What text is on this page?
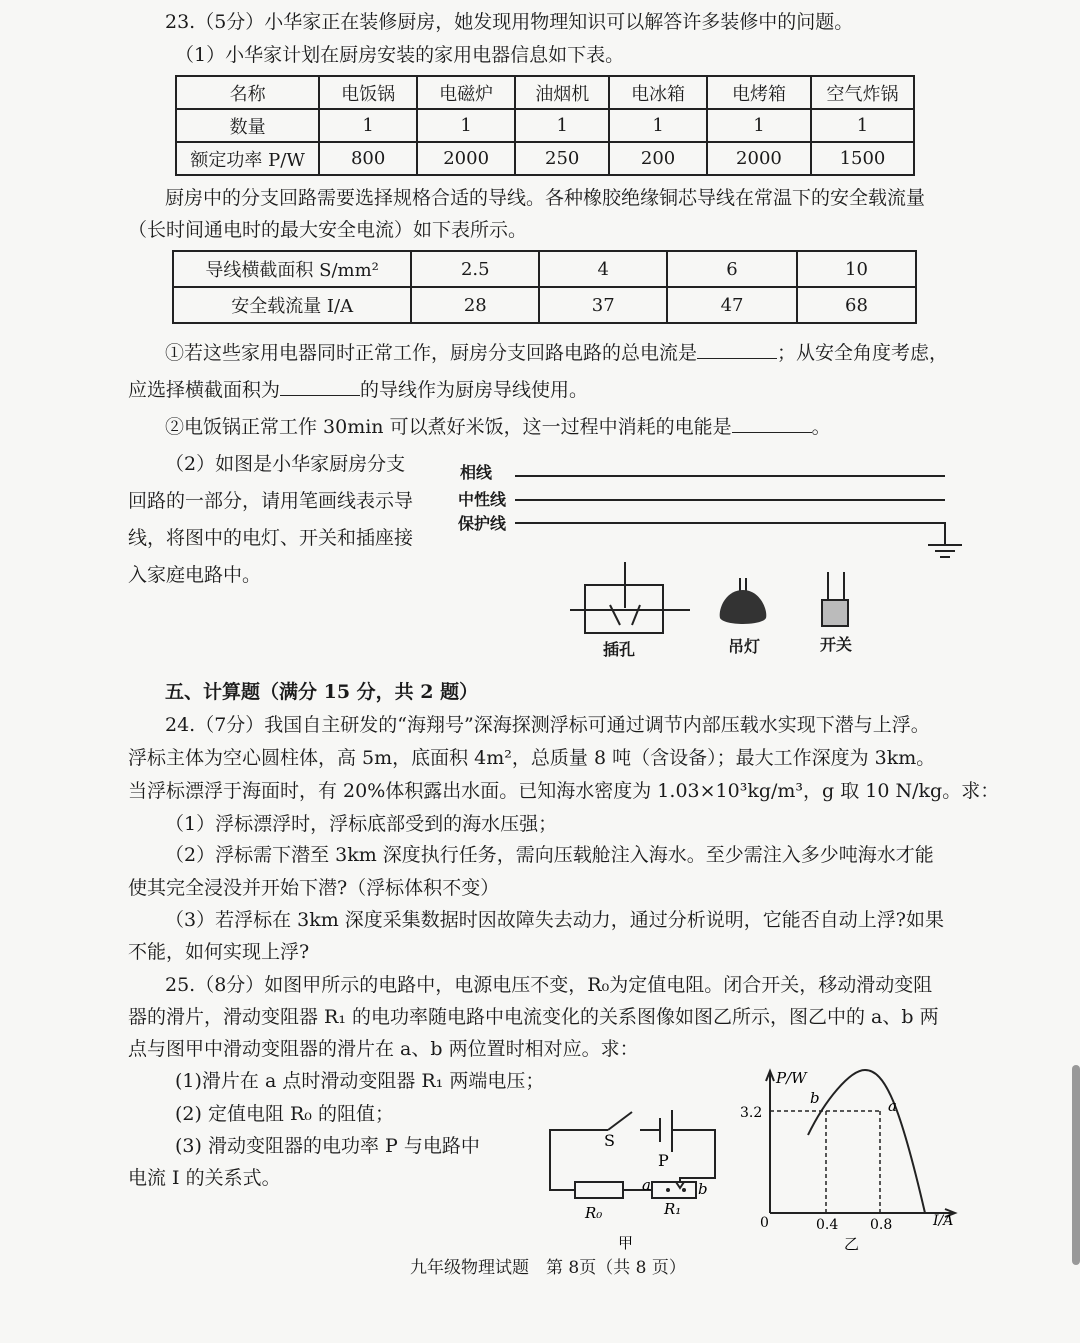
23.（5分）小华家正在装修厨房，她发现用物理知识可以解答许多装修中的问题。
（1）小华家计划在厨房安装的家用电器信息如下表。
名称	电饭锅	电磁炉	油烟机	电冰箱	电烤箱	空气炸锅
数量	1	1	1	1	1	1
额定功率 P/W	800	2000	250	200	2000	1500
厨房中的分支回路需要选择规格合适的导线。各种橡胶绝缘铜芯导线在常温下的安全载流量
（长时间通电时的最大安全电流）如下表所示。
导线横截面积 S/mm²	2.5	4	6	10
安全载流量 I/A	28	37	47	68
①若这些家用电器同时正常工作，厨房分支回路电路的总电流是	；从安全角度考虑，
应选择横截面积为	的导线作为厨房导线使用。
②电饭锅正常工作 30min 可以煮好米饭，这一过程中消耗的电能是	。
（2）如图是小华家厨房分支
回路的一部分，请用笔画线表示导
线，将图中的电灯、开关和插座接
入家庭电路中。
相线
中性线
保护线
插孔	吊灯	开关
五、计算题（满分 15 分，共 2 题）
24.（7分）我国自主研发的“海翔号”深海探测浮标可通过调节内部压载水实现下潜与上浮。
浮标主体为空心圆柱体，高 5m，底面积 4m²，总质量 8 吨（含设备）；最大工作深度为 3km。
当浮标漂浮于海面时，有 20%体积露出水面。已知海水密度为 1.03×10³kg/m³，g 取 10 N/kg。求：
（1）浮标漂浮时，浮标底部受到的海水压强；
（2）浮标需下潜至 3km 深度执行任务，需向压载舱注入海水。至少需注入多少吨海水才能
使其完全浸没并开始下潜?（浮标体积不变）
（3）若浮标在 3km 深度采集数据时因故障失去动力，通过分析说明，它能否自动上浮?如果
不能，如何实现上浮?
25.（8分）如图甲所示的电路中，电源电压不变，R₀为定值电阻。闭合开关，移动滑动变阻
器的滑片，滑动变阻器 R₁ 的电功率随电路中电流变化的关系图像如图乙所示，图乙中的 a、b 两
点与图甲中滑动变阻器的滑片在 a、b 两位置时相对应。求：
(1)滑片在 a 点时滑动变阻器 R₁ 两端电压；
(2) 定值电阻 R₀ 的阻值；
(3) 滑动变阻器的电功率 P 与电路中
电流 I 的关系式。
S
P
a	b
R₀	R₁
甲
P/W
I/A
0
3.2
0.4 0.8
b	a
乙
九年级物理试题　第 8页（共 8 页）
